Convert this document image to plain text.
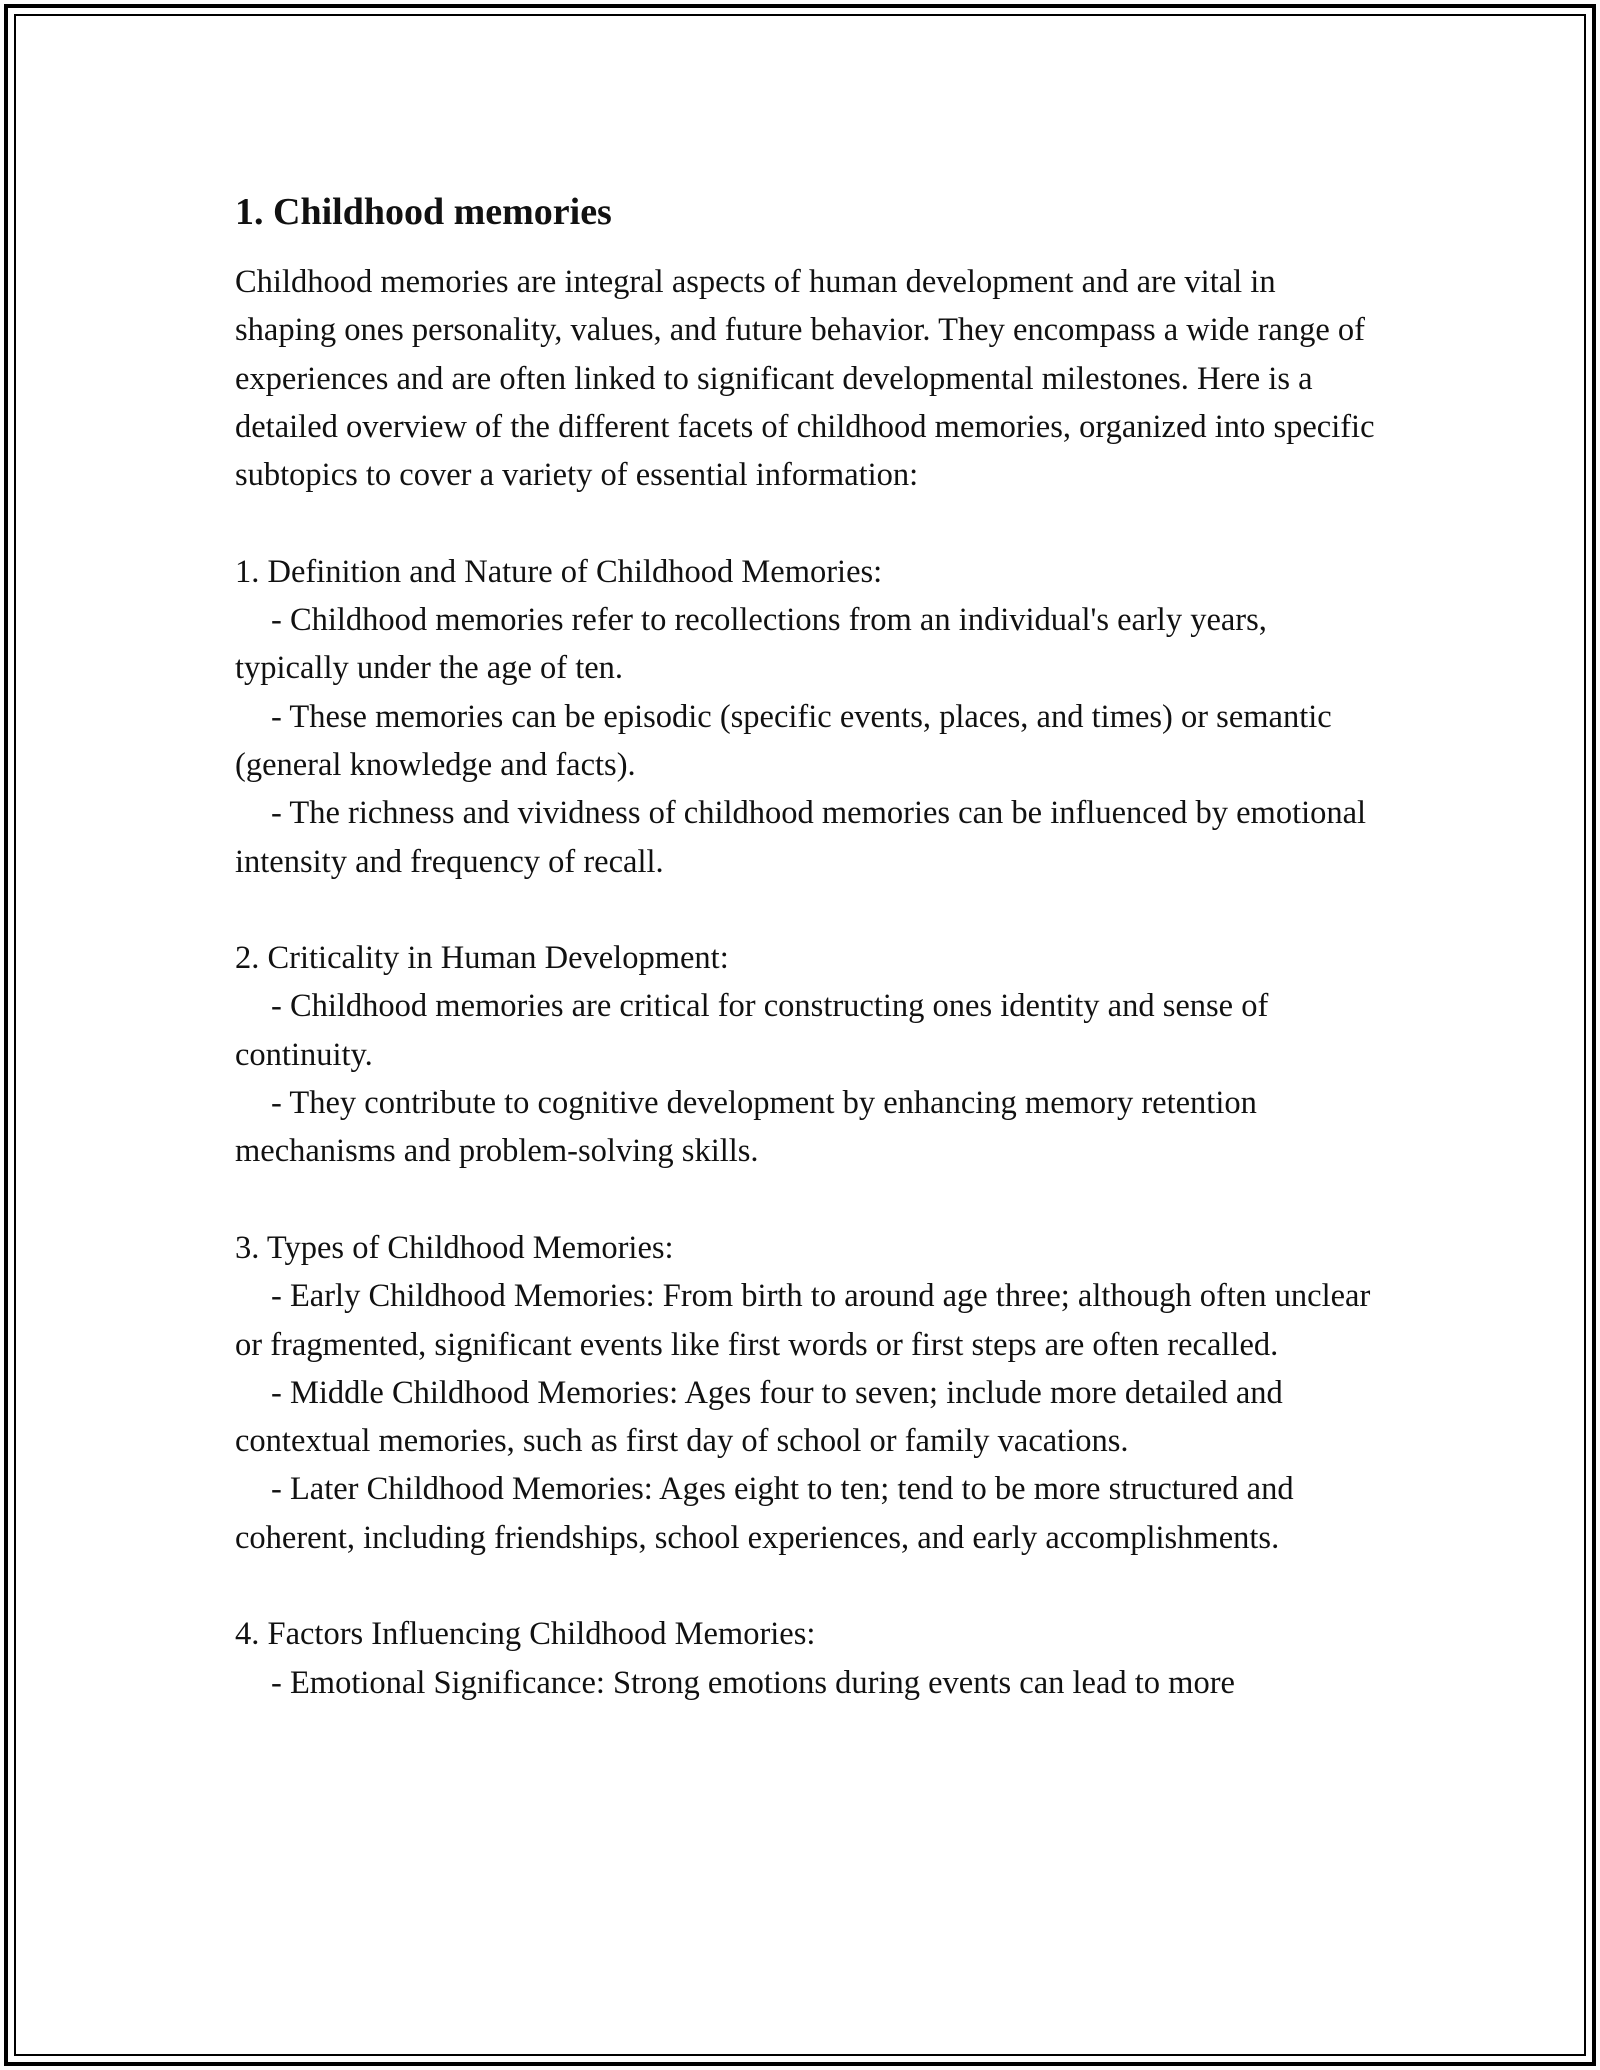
1. Childhood memories

Childhood memories are integral aspects of human development and are vital in shaping ones personality, values, and future behavior. They encompass a wide range of experiences and are often linked to significant developmental milestones. Here is a detailed overview of the different facets of childhood memories, organized into specific subtopics to cover a variety of essential information:

1. Definition and Nature of Childhood Memories:

- Childhood memories refer to recollections from an individual's early years, typically under the age of ten.

- These memories can be episodic (specific events, places, and times) or semantic (general knowledge and facts).

- The richness and vividness of childhood memories can be influenced by emotional intensity and frequency of recall.

2. Criticality in Human Development:

- Childhood memories are critical for constructing ones identity and sense of continuity.

- They contribute to cognitive development by enhancing memory retention mechanisms and problem-solving skills.

3. Types of Childhood Memories:

- Early Childhood Memories: From birth to around age three; although often unclear or fragmented, significant events like first words or first steps are often recalled.

- Middle Childhood Memories: Ages four to seven; include more detailed and contextual memories, such as first day of school or family vacations.

- Later Childhood Memories: Ages eight to ten; tend to be more structured and coherent, including friendships, school experiences, and early accomplishments.

4. Factors Influencing Childhood Memories:

- Emotional Significance: Strong emotions during events can lead to more
